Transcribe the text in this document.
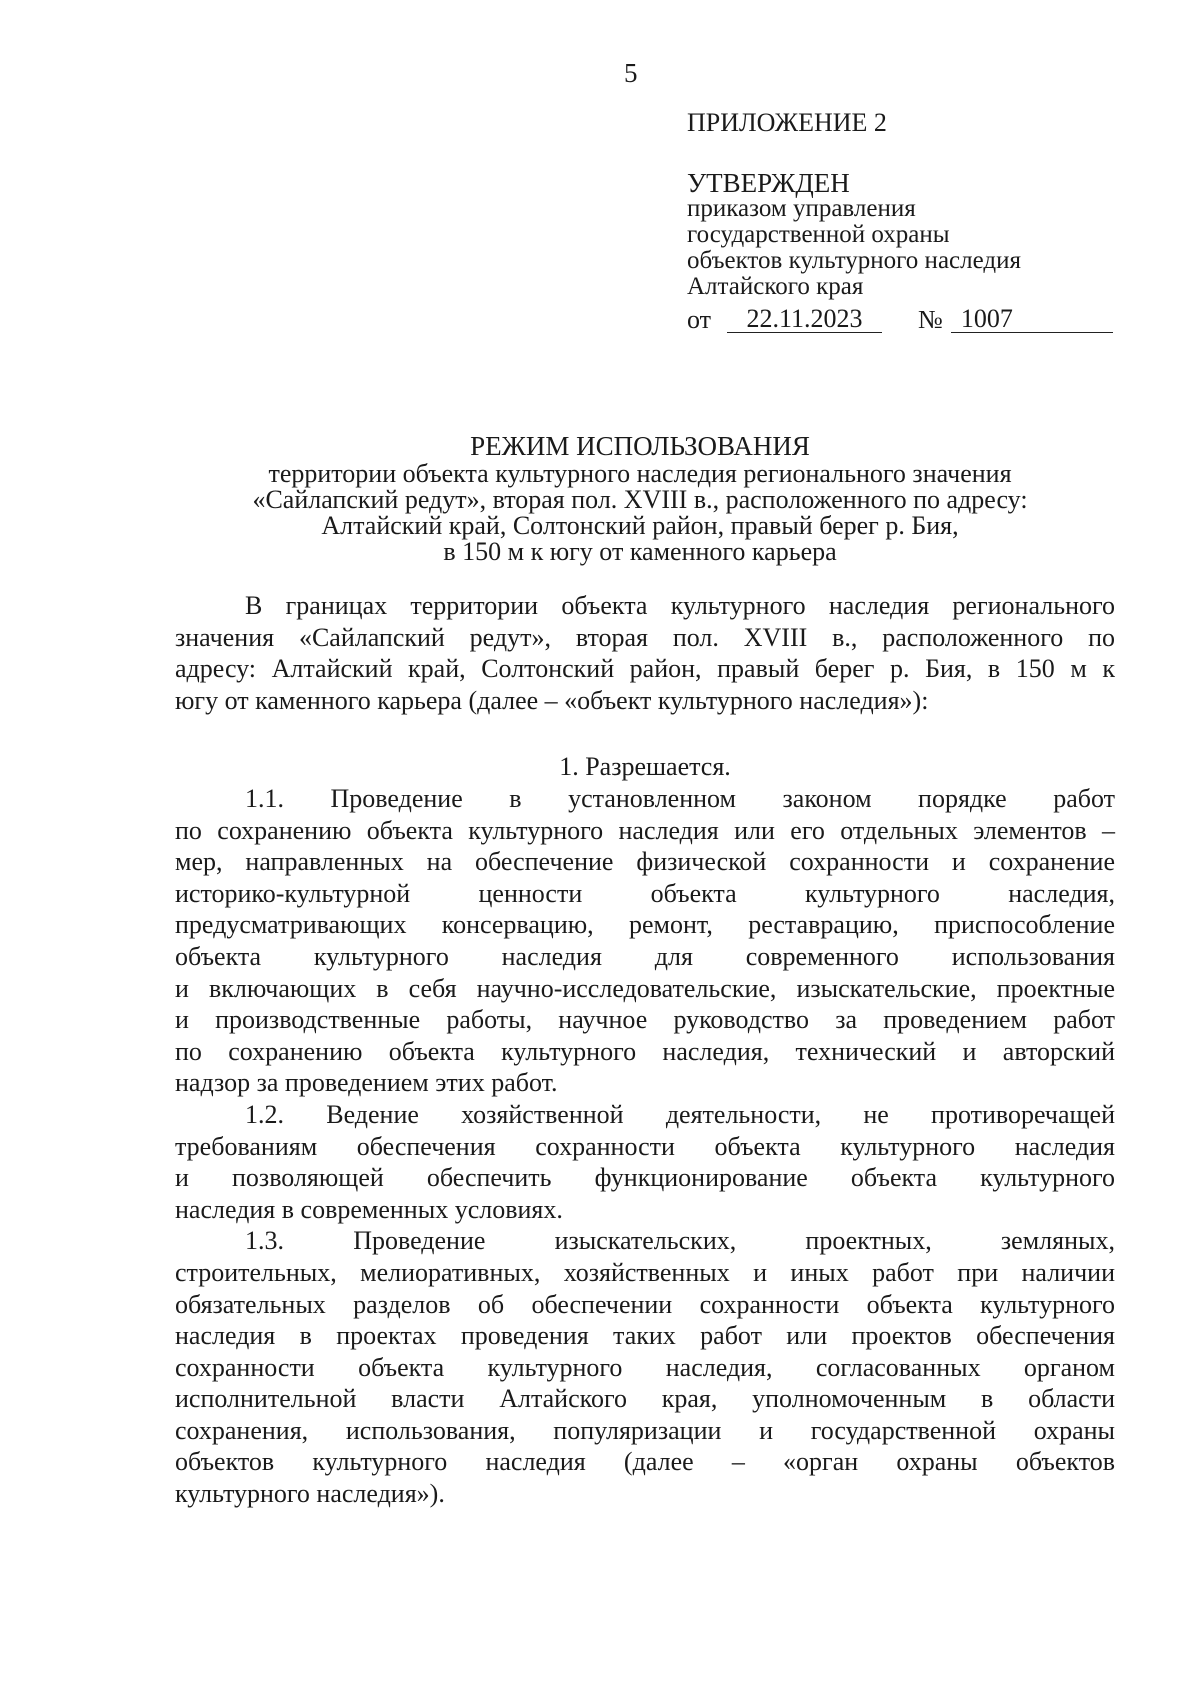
5
ПРИЛОЖЕНИЕ 2
УТВЕРЖДЕН
приказом управления
государственной охраны
объектов культурного наследия
Алтайского края
от	22.11.2023	№ 1007
РЕЖИМ ИСПОЛЬЗОВАНИЯ
территории объекта культурного наследия регионального значения
«Сайлапский редут», вторая пол. XVIII в., расположенного по адресу:
Алтайский край, Солтонский район, правый берег р. Бия,
в 150 м к югу от каменного карьера

В границах территории объекта культурного наследия регионального

значения «Сайлапский редут», вторая пол. XVIII в., расположенного по

адресу: Алтайский край, Солтонский район, правый берег р. Бия, в 150 м к

югу от каменного карьера (далее – «объект культурного наследия»):

1. Разрешается.

1.1. Проведение в установленном законом порядке работ

по сохранению объекта культурного наследия или его отдельных элементов –

мер, направленных на обеспечение физической сохранности и сохранение

историко-культурной ценности объекта культурного наследия,

предусматривающих консервацию, ремонт, реставрацию, приспособление

объекта культурного наследия для современного использования

и включающих в себя научно-исследовательские, изыскательские, проектные

и производственные работы, научное руководство за проведением работ

по сохранению объекта культурного наследия, технический и авторский

надзор за проведением этих работ.

1.2. Ведение хозяйственной деятельности, не противоречащей

требованиям обеспечения сохранности объекта культурного наследия

и позволяющей обеспечить функционирование объекта культурного

наследия в современных условиях.

1.3. Проведение изыскательских, проектных, земляных,

строительных, мелиоративных, хозяйственных и иных работ при наличии

обязательных разделов об обеспечении сохранности объекта культурного

наследия в проектах проведения таких работ или проектов обеспечения

сохранности объекта культурного наследия, согласованных органом

исполнительной власти Алтайского края, уполномоченным в области

сохранения, использования, популяризации и государственной охраны

объектов культурного наследия (далее – «орган охраны объектов

культурного наследия»).
